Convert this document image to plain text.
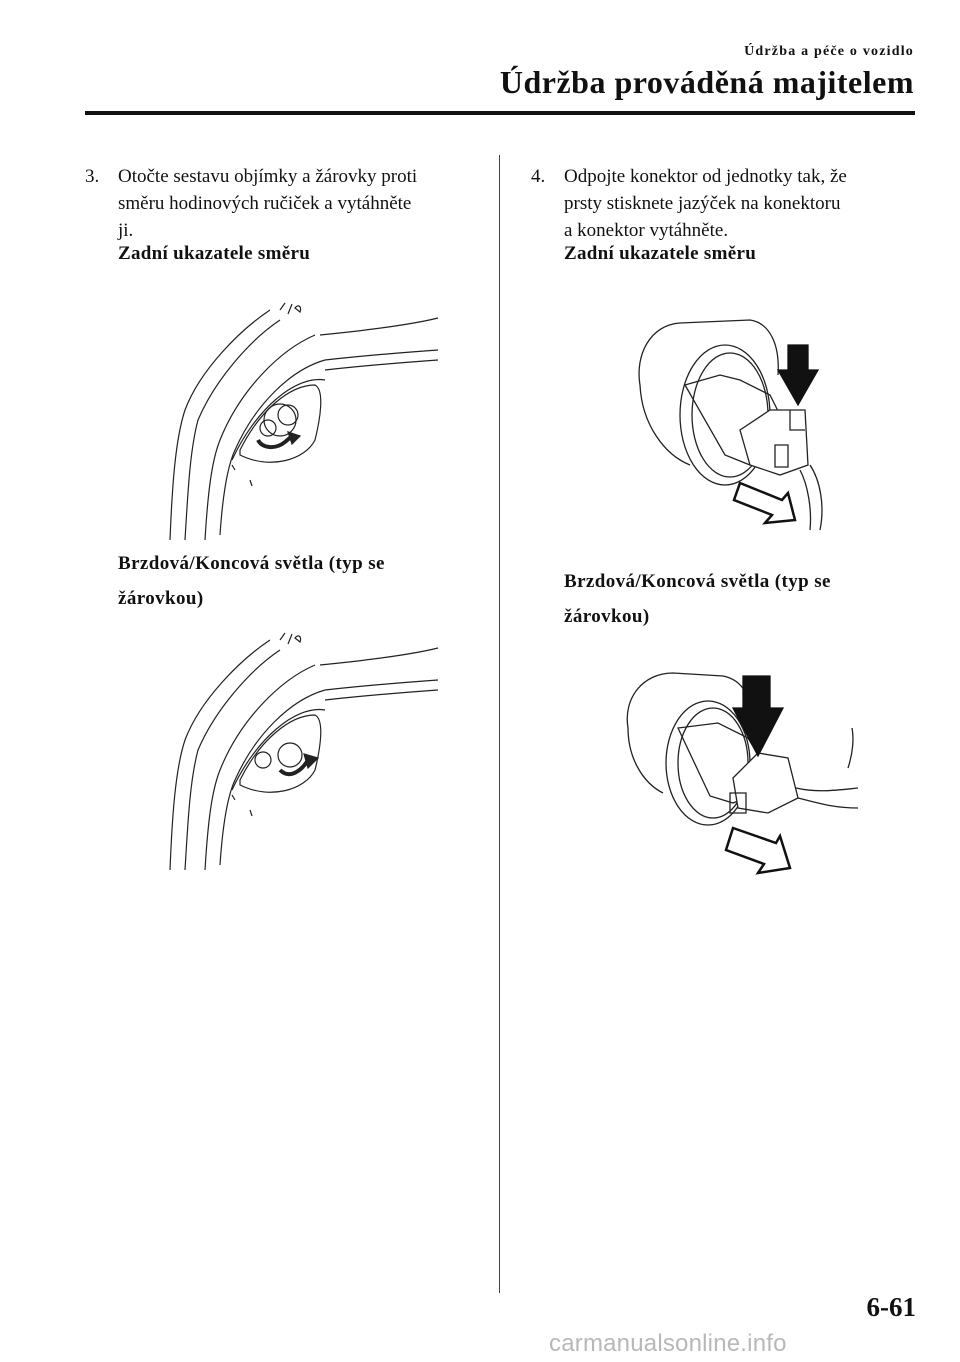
Údržba a péče o vozidlo
Údržba prováděná majitelem
3. Otočte sestavu objímky a žárovky proti
směru hodinových ručiček a vytáhněte
ji.
Zadní ukazatele směru
Brzdová/Koncová světla (typ se
žárovkou)
4. Odpojte konektor od jednotky tak, že
prsty stisknete jazýček na konektoru
a konektor vytáhněte.
Zadní ukazatele směru
Brzdová/Koncová světla (typ se
žárovkou)
6-61
carmanualsonline.info
